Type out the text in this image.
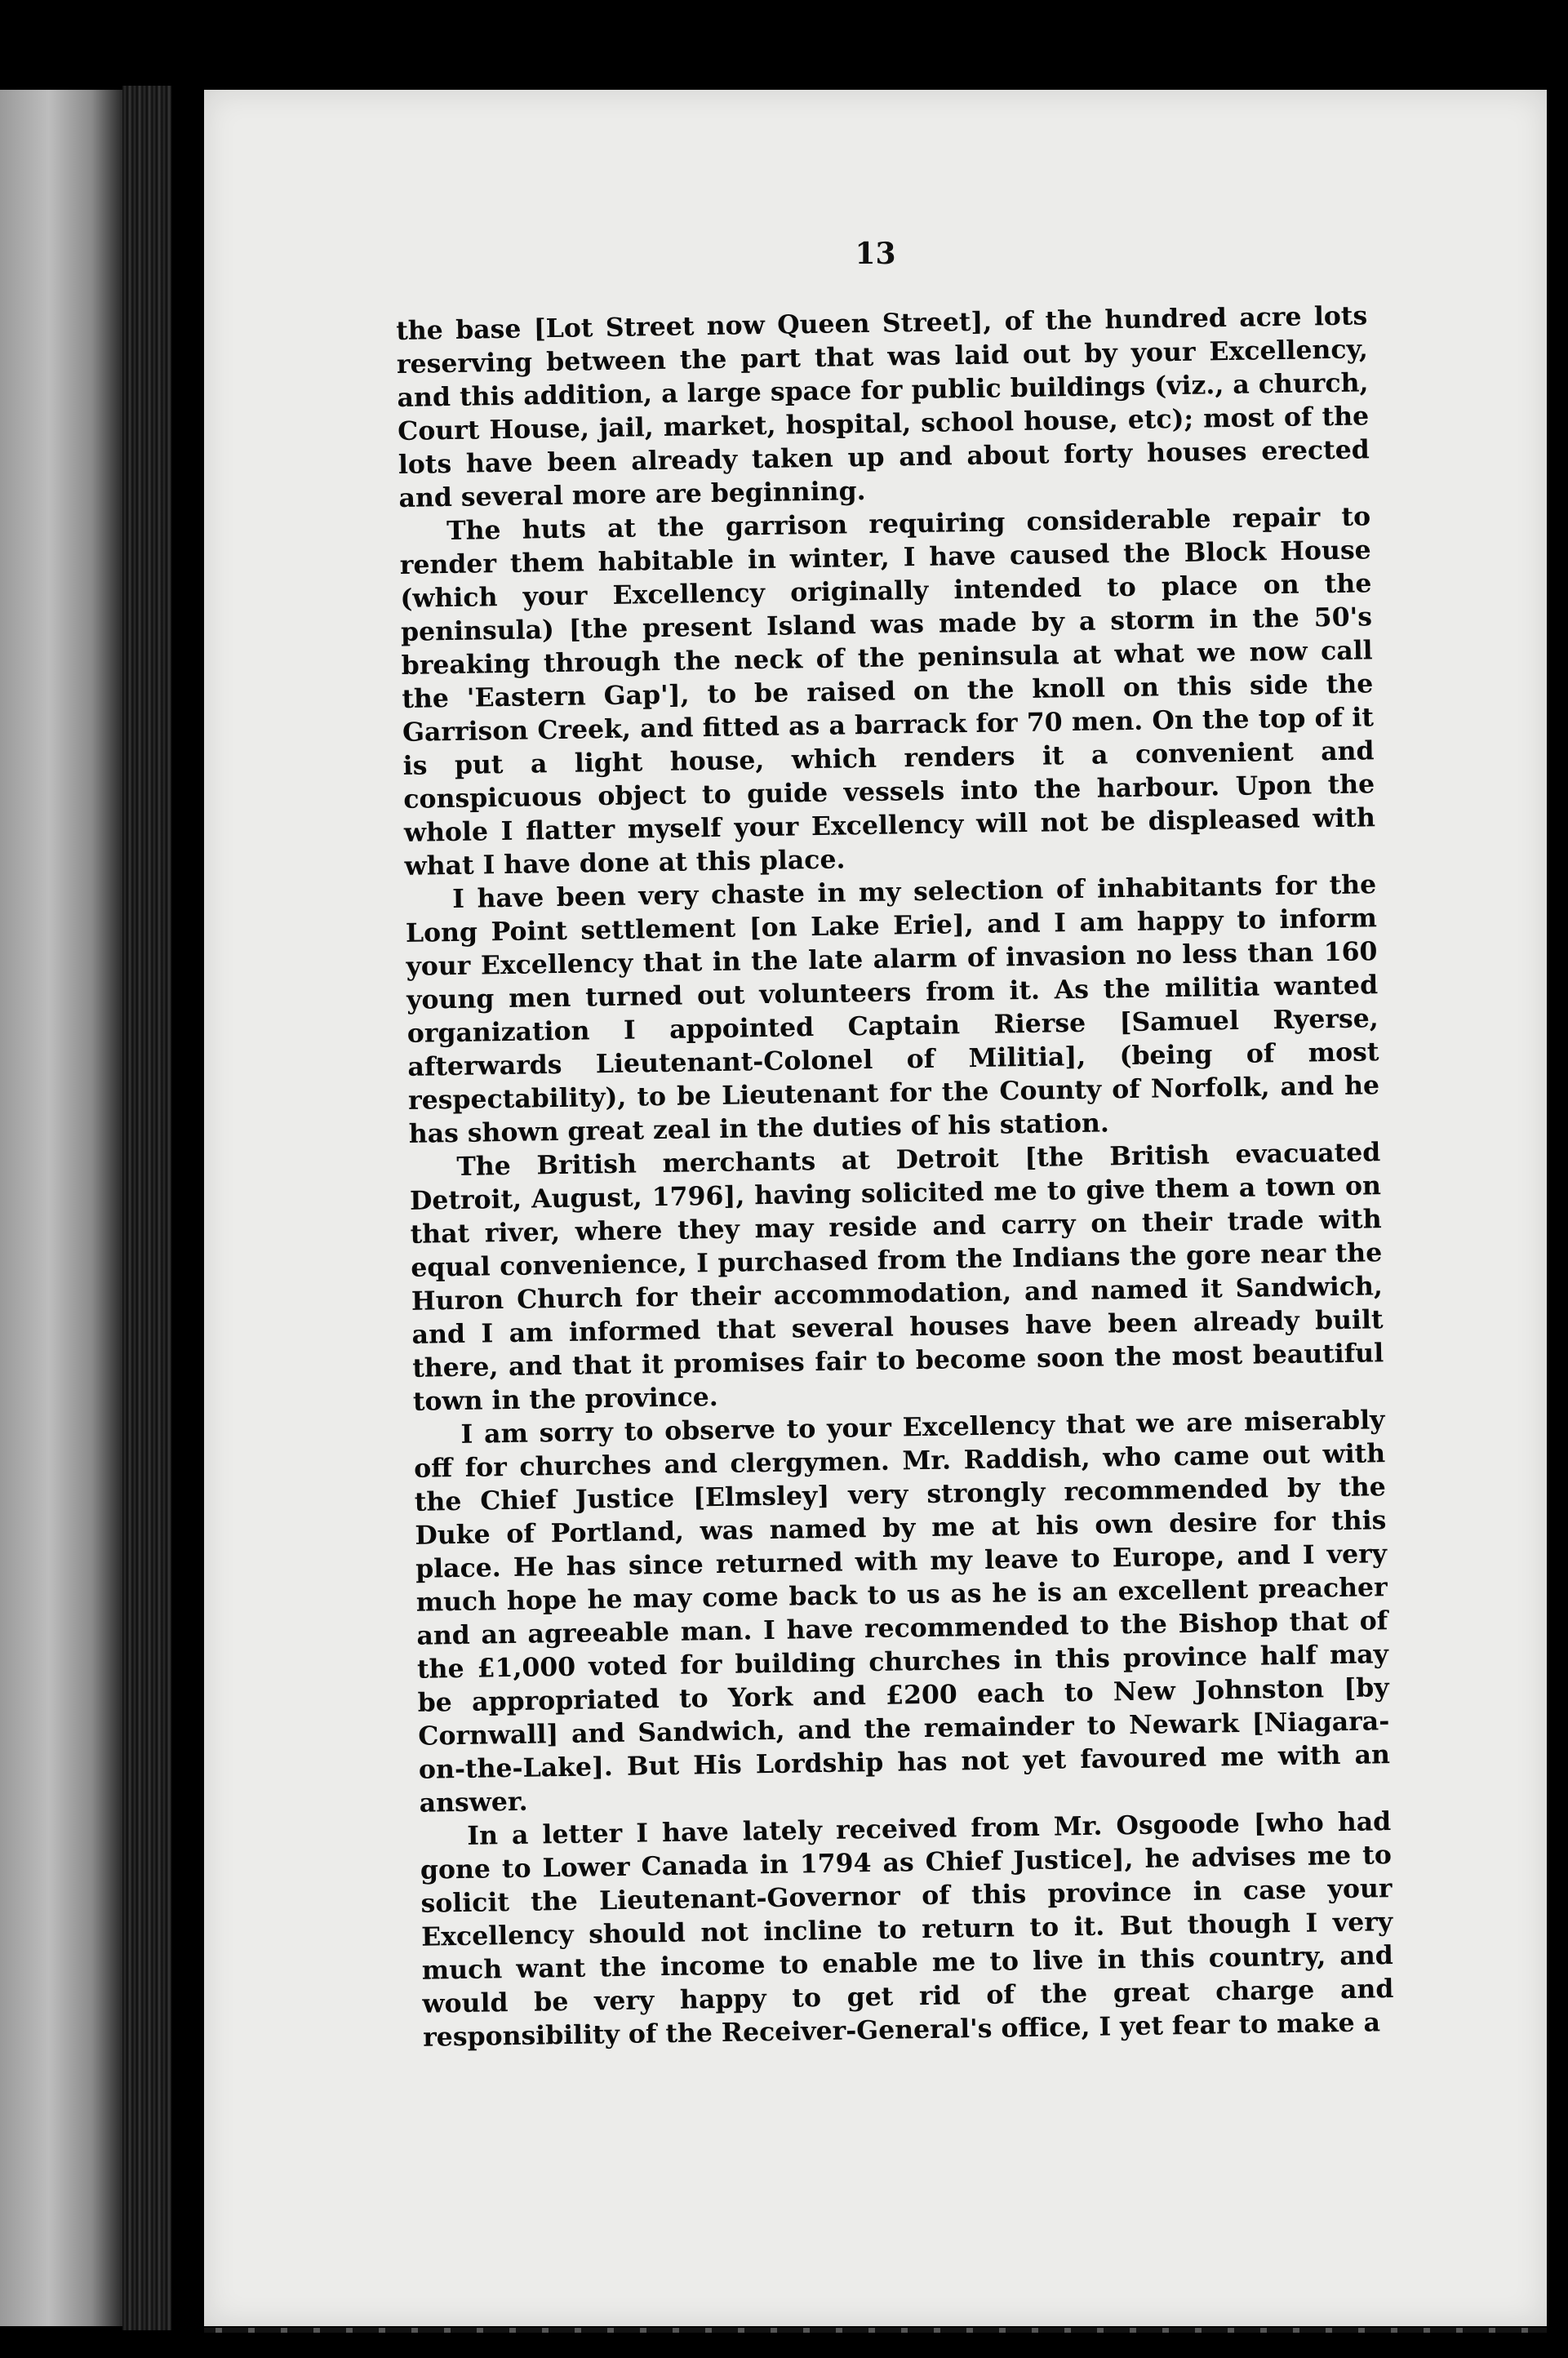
13

the base [Lot Street now Queen Street], of the hundred acre lots reserving between the part that was laid out by your Excellency, and this addition, a large space for public buildings (viz., a church, Court House, jail, market, hospital, school house, etc); most of the lots have been already taken up and about forty houses erected and several more are beginning.

The huts at the garrison requiring considerable repair to render them habitable in winter, I have caused the Block House (which your Excellency originally intended to place on the peninsula) [the present Island was made by a storm in the 50's breaking through the neck of the peninsula at what we now call the 'Eastern Gap'], to be raised on the knoll on this side the Garrison Creek, and fitted as a barrack for 70 men. On the top of it is put a light house, which renders it a convenient and conspicuous object to guide vessels into the harbour. Upon the whole I flatter myself your Excellency will not be displeased with what I have done at this place.

I have been very chaste in my selection of inhabitants for the Long Point settlement [on Lake Erie], and I am happy to inform your Excellency that in the late alarm of invasion no less than 160 young men turned out volunteers from it. As the militia wanted organization I appointed Captain Rierse [Samuel Ryerse, afterwards Lieutenant-Colonel of Militia], (being of most respectability), to be Lieutenant for the County of Norfolk, and he has shown great zeal in the duties of his station.

The British merchants at Detroit [the British evacuated Detroit, August, 1796], having solicited me to give them a town on that river, where they may reside and carry on their trade with equal convenience, I purchased from the Indians the gore near the Huron Church for their accommodation, and named it Sandwich, and I am informed that several houses have been already built there, and that it promises fair to become soon the most beautiful town in the province.

I am sorry to observe to your Excellency that we are miserably off for churches and clergymen. Mr. Raddish, who came out with the Chief Justice [Elmsley] very strongly recommended by the Duke of Portland, was named by me at his own desire for this place. He has since returned with my leave to Europe, and I very much hope he may come back to us as he is an excellent preacher and an agreeable man. I have recommended to the Bishop that of the £1,000 voted for building churches in this province half may be appropriated to York and £200 each to New Johnston [by Cornwall] and Sandwich, and the remainder to Newark [Niagara-on-the-Lake]. But His Lordship has not yet favoured me with an answer.

In a letter I have lately received from Mr. Osgoode [who had gone to Lower Canada in 1794 as Chief Justice], he advises me to solicit the Lieutenant-Governor of this province in case your Excellency should not incline to return to it. But though I very much want the income to enable me to live in this country, and would be very happy to get rid of the great charge and responsibility of the Receiver-General's office, I yet fear to make a
